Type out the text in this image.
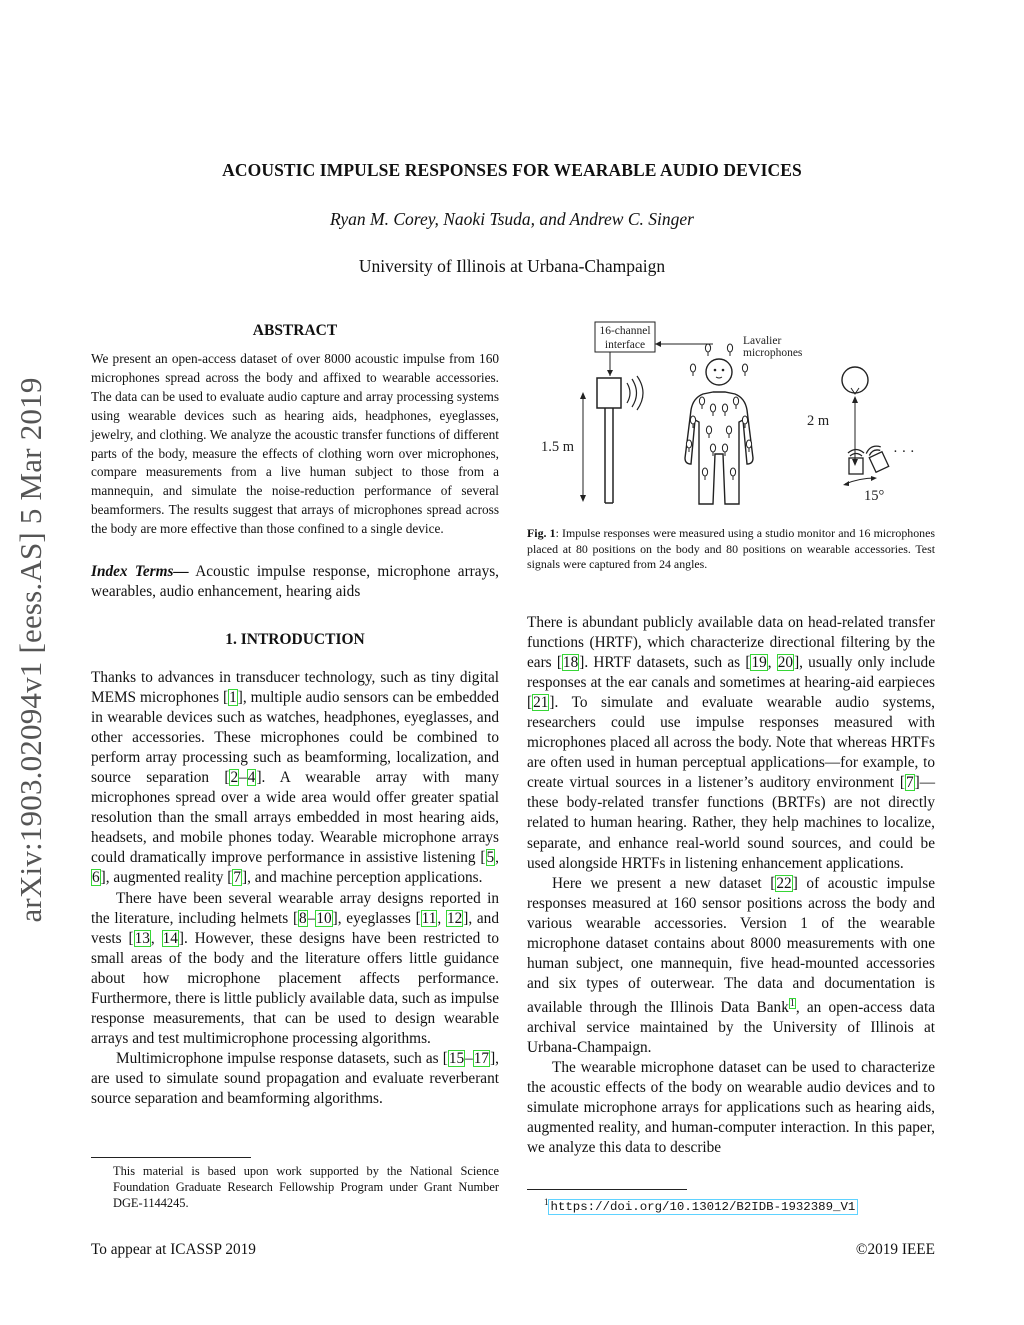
arXiv:1903.02094v1 [eess.AS] 5 Mar 2019
ACOUSTIC IMPULSE RESPONSES FOR WEARABLE AUDIO DEVICES
Ryan M. Corey, Naoki Tsuda, and Andrew C. Singer
University of Illinois at Urbana-Champaign
ABSTRACT
We present an open-access dataset of over 8000 acoustic impulse from 160 microphones spread across the body and affixed to wearable accessories. The data can be used to evaluate audio capture and array processing systems using wearable devices such as hearing aids, headphones, eyeglasses, jewelry, and clothing. We analyze the acoustic transfer functions of different parts of the body, measure the effects of clothing worn over microphones, compare measurements from a live human subject to those from a mannequin, and simulate the noise-reduction performance of several beamformers. The results suggest that arrays of microphones spread across the body are more effective than those confined to a single device.
Index Terms— Acoustic impulse response, microphone arrays, wearables, audio enhancement, hearing aids
1. INTRODUCTION

Thanks to advances in transducer technology, such as tiny digital MEMS microphones [1], multiple audio sensors can be embedded in wearable devices such as watches, headphones, eyeglasses, and other accessories. These microphones could be combined to perform array processing such as beamforming, localization, and source separation [2–4]. A wearable array with many microphones spread over a wide area would offer greater spatial resolution than the small arrays embedded in most hearing aids, headsets, and mobile phones today. Wearable microphone arrays could dramatically improve performance in assistive listening [5, 6], augmented reality [7], and machine perception applications.

There have been several wearable array designs reported in the literature, including helmets [8–10], eyeglasses [11, 12], and vests [13, 14]. However, these designs have been restricted to small areas of the body and the literature offers little guidance about how microphone placement affects performance. Furthermore, there is little publicly available data, such as impulse response measurements, that can be used to design wearable arrays and test multimicrophone processing algorithms.

Multimicrophone impulse response datasets, such as [15–17], are used to simulate sound propagation and evaluate reverberant source separation and beamforming algorithms.

This material is based upon work supported by the National Science Foundation Graduate Research Fellowship Program under Grant Number DGE-1144245.
16-channel
interface	Lavalier
microphones
1.5 m
2 m
· · ·
15°
Fig. 1: Impulse responses were measured using a studio monitor and 16 microphones placed at 80 positions on the body and 80 positions on wearable accessories. Test signals were captured from 24 angles.

There is abundant publicly available data on head-related transfer functions (HRTF), which characterize directional filtering by the ears [18]. HRTF datasets, such as [19, 20], usually only include responses at the ear canals and sometimes at hearing-aid earpieces [21]. To simulate and evaluate wearable audio systems, researchers could use impulse responses measured with microphones placed all across the body. Note that whereas HRTFs are often used in human perceptual applications—for example, to create virtual sources in a listener’s auditory environment [7]—these body-related transfer functions (BRTFs) are not directly related to human hearing. Rather, they help machines to localize, separate, and enhance real-world sound sources, and could be used alongside HRTFs in listening enhancement applications.

Here we present a new dataset [22] of acoustic impulse responses measured at 160 sensor positions across the body and various wearable accessories. Version 1 of the wearable microphone dataset contains about 8000 measurements with one human subject, one mannequin, five head-mounted accessories and six types of outerwear. The data and documentation is available through the Illinois Data Bank$^1$, an open-access data archival service maintained by the University of Illinois at Urbana-Champaign.

The wearable microphone dataset can be used to characterize the acoustic effects of the body on wearable audio devices and to simulate microphone arrays for applications such as hearing aids, augmented reality, and human-computer interaction. In this paper, we analyze this data to describe

$^1$ https://doi.org/10.13012/B2IDB-1932389_V1
To appear at ICASSP 2019	©2019 IEEE
